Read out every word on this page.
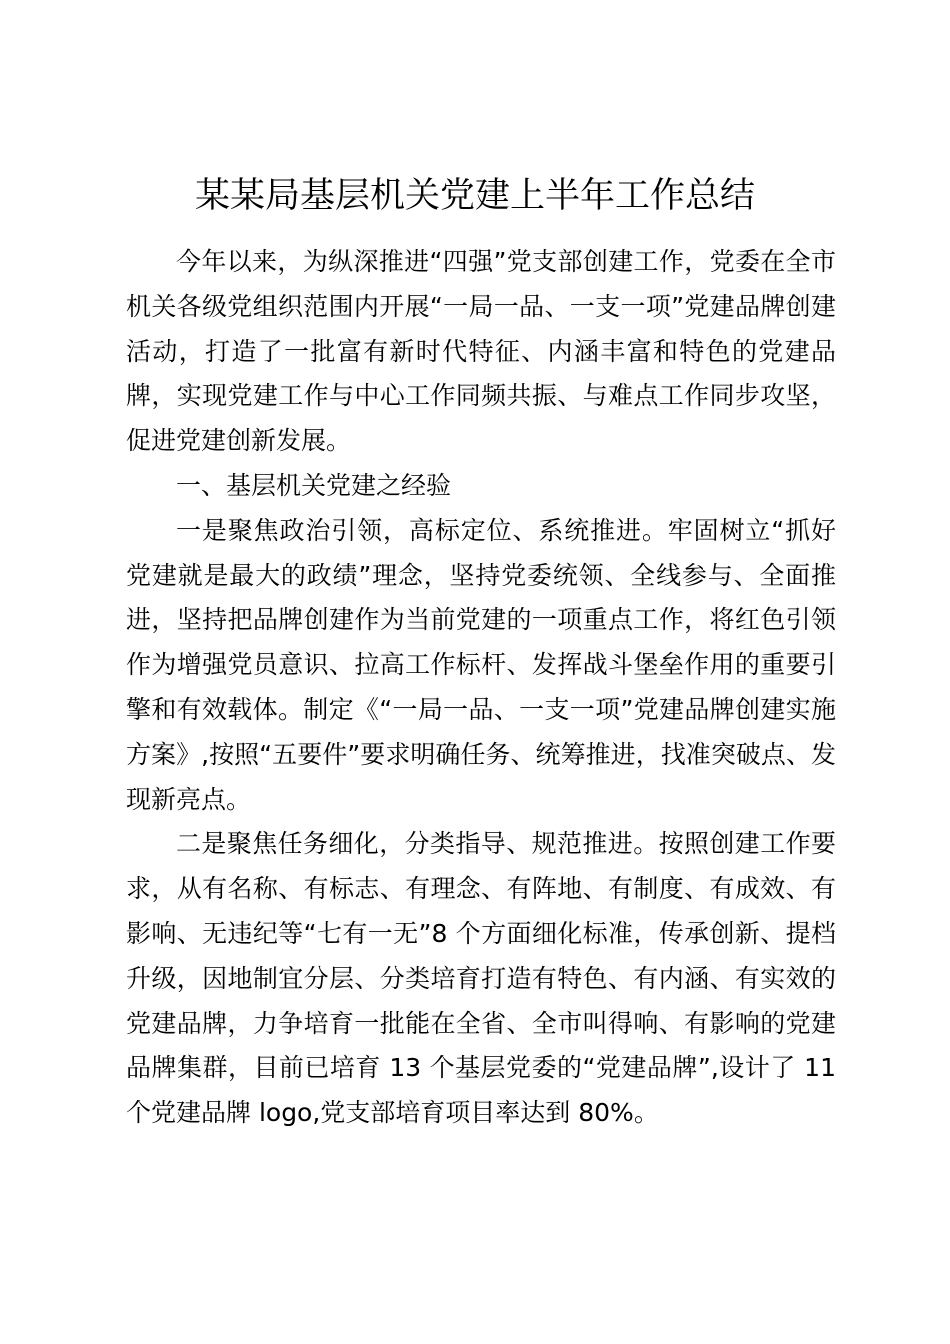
某某局基层机关党建上半年工作总结

今年以来，为纵深推进“四强”党支部创建工作，党委在全市机关各级党组织范围内开展“一局一品、一支一项”党建品牌创建活动，打造了一批富有新时代特征、内涵丰富和特色的党建品牌，实现党建工作与中心工作同频共振、与难点工作同步攻坚，促进党建创新发展。

一、基层机关党建之经验

一是聚焦政治引领，高标定位、系统推进。牢固树立“抓好党建就是最大的政绩”理念，坚持党委统领、全线参与、全面推进，坚持把品牌创建作为当前党建的一项重点工作，将红色引领作为增强党员意识、拉高工作标杆、发挥战斗堡垒作用的重要引擎和有效载体。制定《“一局一品、一支一项”党建品牌创建实施方案》,按照“五要件”要求明确任务、统筹推进，找准突破点、发现新亮点。

二是聚焦任务细化，分类指导、规范推进。按照创建工作要求，从有名称、有标志、有理念、有阵地、有制度、有成效、有影响、无违纪等“七有一无”8 个方面细化标准，传承创新、提档升级，因地制宜分层、分类培育打造有特色、有内涵、有实效的党建品牌，力争培育一批能在全省、全市叫得响、有影响的党建品牌集群，目前已培育 13 个基层党委的“党建品牌”,设计了 11 个党建品牌 logo,党支部培育项目率达到 80%。
